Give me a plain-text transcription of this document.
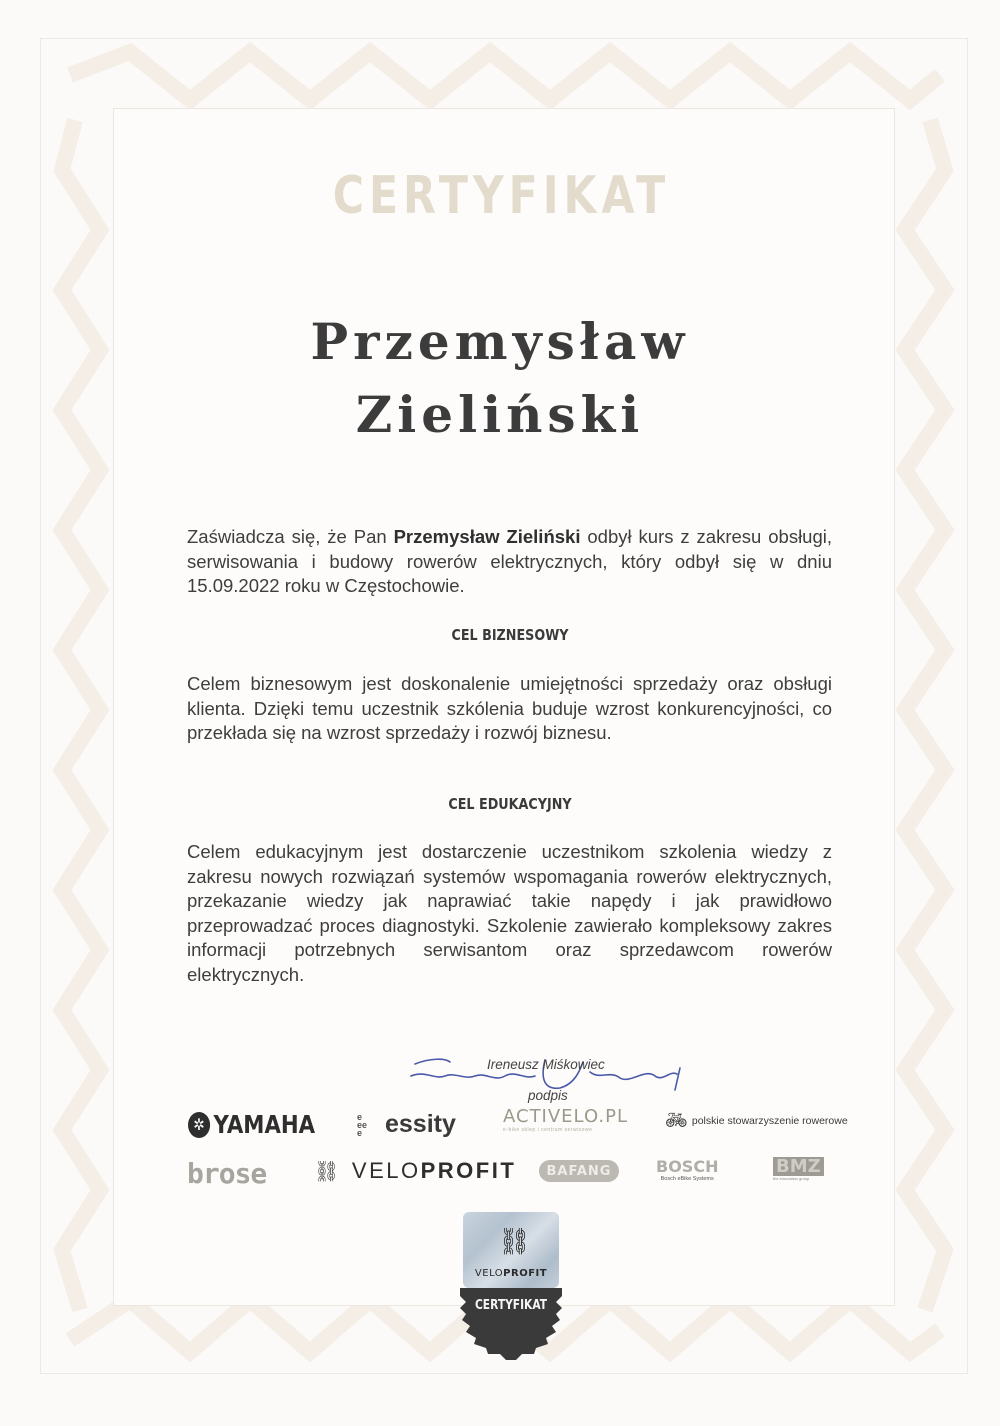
CERTYFIKAT
Przemysław
Zieliński
Zaświadcza się, że Pan Przemysław Zieliński odbył kurs z zakresu obsługi, serwisowania i budowy rowerów elektrycznych, który odbył się w dniu 15.09.2022 roku w Częstochowie.
CEL BIZNESOWY
Celem biznesowym jest doskonalenie umiejętności sprzedaży oraz obsługi klienta. Dzięki temu uczestnik szkólenia buduje wzrost konkurencyjności, co przekłada się na wzrost sprzedaży i rozwój biznesu.
CEL EDUKACYJNY
Celem edukacyjnym jest dostarczenie uczestnikom szkolenia wiedzy z zakresu nowych rozwiązań systemów wspomagania rowerów elektrycznych, przekazanie wiedzy jak naprawiać takie napędy i jak prawidłowo przeprowadzać proces diagnostyki. Szkolenie zawierało kompleksowy zakres informacji potrzebnych serwisantom oraz sprzedawcom rowerów elektrycznych.
Ireneusz Miśkowiec
podpis
✲ YAMAHA	e
ee
e essity	ACTIVELO.PL
e-bike sklep i centrum serwisowe	🚲︎ polskie stowarzyszenie rowerowe
brose ⛓ VELO PROFIT BAFANG	BOSCH
Bosch eBike Systems
BMZ
the innovation group
⛓
VELOPROFIT
CERTYFIKAT
